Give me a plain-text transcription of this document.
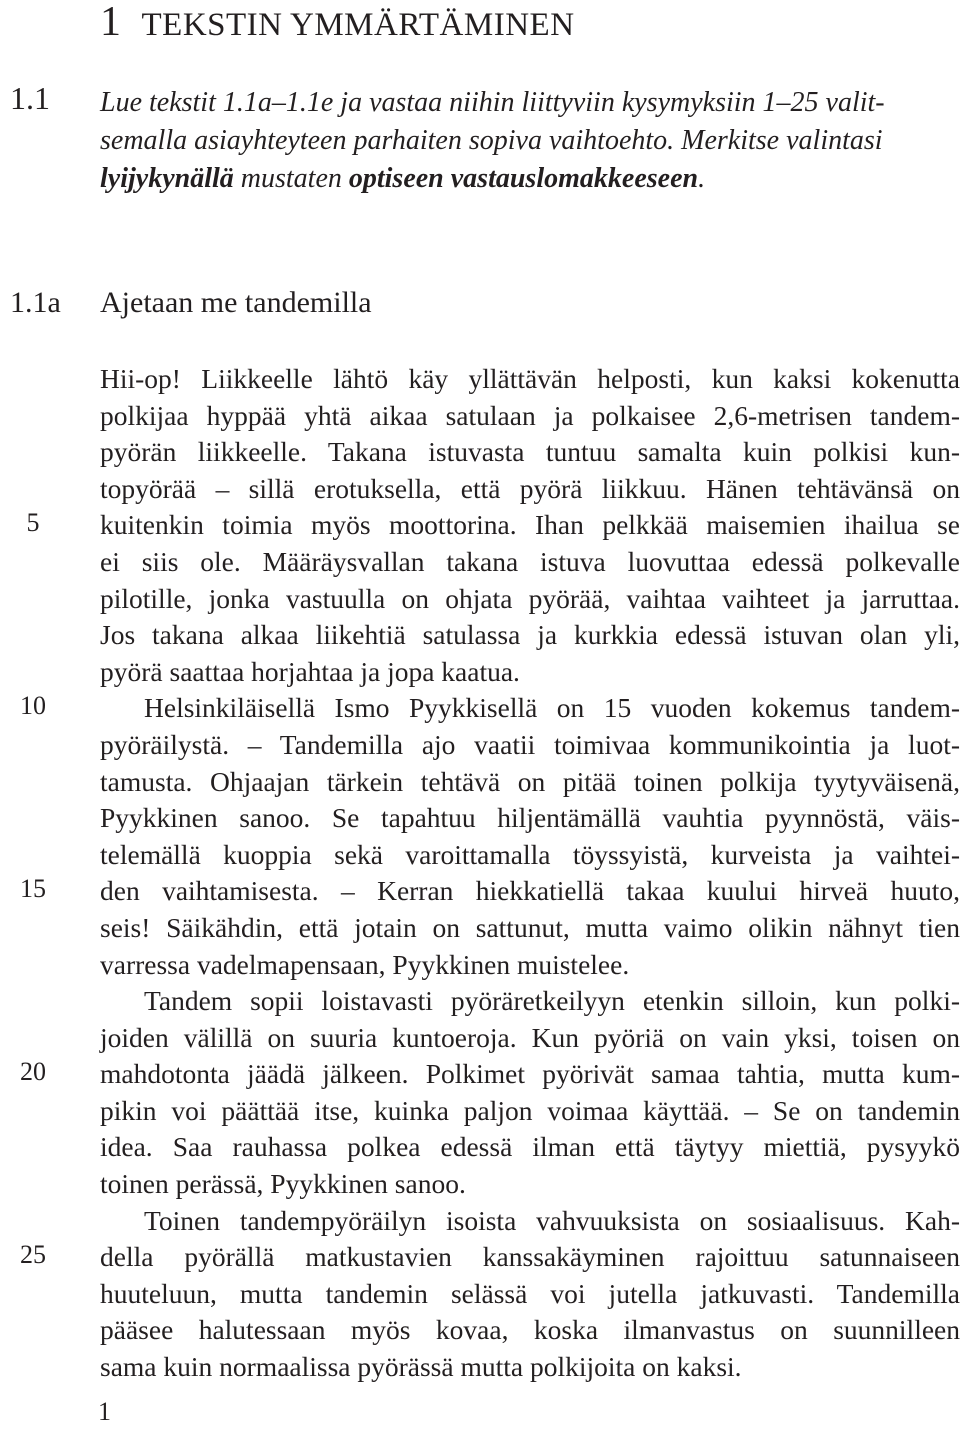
1 TEKSTIN YMMÄRTÄMINEN
1.1 Lue tekstit 1.1a–1.1e ja vastaa niihin liittyviin kysymyksiin 1–25 valit-
semalla asiayhteyteen parhaiten sopiva vaihtoehto. Merkitse valintasi
lyijykynällä mustaten optiseen vastauslomakkeeseen.
1.1a Ajetaan me tandemilla
Hii-op! Liikkeelle lähtö käy yllättävän helposti, kun kaksi kokenutta
polkijaa hyppää yhtä aikaa satulaan ja polkaisee 2,6-metrisen tandem-
pyörän liikkeelle. Takana istuvasta tuntuu samalta kuin polkisi kun-
topyörää – sillä erotuksella, että pyörä liikkuu. Hänen tehtävänsä on
kuitenkin toimia myös moottorina. Ihan pelkkää maisemien ihailua se
ei siis ole. Määräysvallan takana istuva luovuttaa edessä polkevalle
pilotille, jonka vastuulla on ohjata pyörää, vaihtaa vaihteet ja jarruttaa.
Jos takana alkaa liikehtiä satulassa ja kurkkia edessä istuvan olan yli,
pyörä saattaa horjahtaa ja jopa kaatua.
Helsinkiläisellä Ismo Pyykkisellä on 15 vuoden kokemus tandem-
pyöräilystä. – Tandemilla ajo vaatii toimivaa kommunikointia ja luot-
tamusta. Ohjaajan tärkein tehtävä on pitää toinen polkija tyytyväisenä,
Pyykkinen sanoo. Se tapahtuu hiljentämällä vauhtia pyynnöstä, väis-
telemällä kuoppia sekä varoittamalla töyssyistä, kurveista ja vaihtei-
den vaihtamisesta. – Kerran hiekkatiellä takaa kuului hirveä huuto,
seis! Säikähdin, että jotain on sattunut, mutta vaimo olikin nähnyt tien
varressa vadelmapensaan, Pyykkinen muistelee.
Tandem sopii loistavasti pyöräretkeilyyn etenkin silloin, kun polki-
joiden välillä on suuria kuntoeroja. Kun pyöriä on vain yksi, toisen on
mahdotonta jäädä jälkeen. Polkimet pyörivät samaa tahtia, mutta kum-
pikin voi päättää itse, kuinka paljon voimaa käyttää. – Se on tandemin
idea. Saa rauhassa polkea edessä ilman että täytyy miettiä, pysyykö
toinen perässä, Pyykkinen sanoo.
Toinen tandempyöräilyn isoista vahvuuksista on sosiaalisuus. Kah-
della pyörällä matkustavien kanssakäyminen rajoittuu satunnaiseen
huuteluun, mutta tandemin selässä voi jutella jatkuvasti. Tandemilla
pääsee halutessaan myös kovaa, koska ilmanvastus on suunnilleen
sama kuin normaalissa pyörässä mutta polkijoita on kaksi.
5
10
15
20
25
1
